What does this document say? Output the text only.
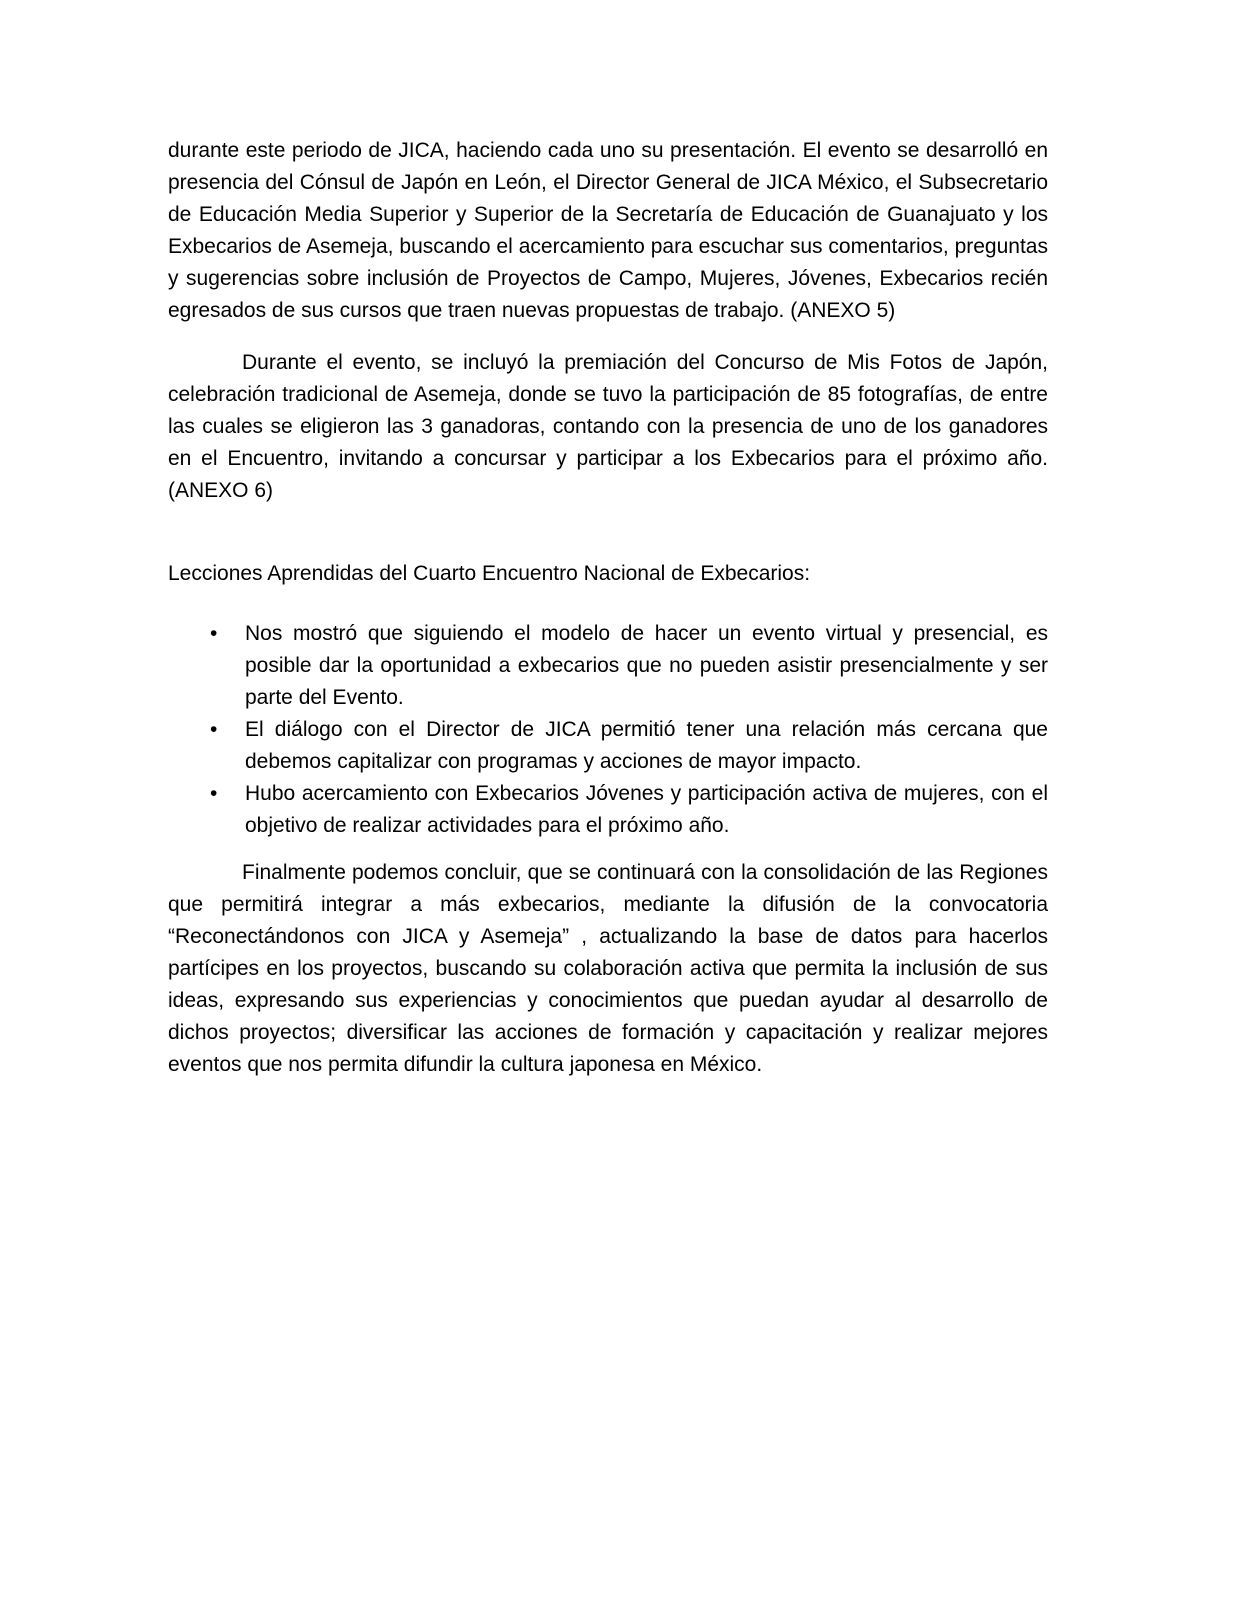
durante este periodo de JICA, haciendo cada uno su presentación. El evento se desarrolló en presencia del Cónsul de Japón en León, el Director General de JICA México, el Subsecretario de Educación Media Superior y Superior de la Secretaría de Educación de Guanajuato y los Exbecarios de Asemeja, buscando el acercamiento para escuchar sus comentarios, preguntas y sugerencias sobre inclusión de Proyectos de Campo, Mujeres, Jóvenes, Exbecarios recién egresados de sus cursos que traen nuevas propuestas de trabajo. (ANEXO 5)

Durante el evento, se incluyó la premiación del Concurso de Mis Fotos de Japón, celebración tradicional de Asemeja, donde se tuvo la participación de 85 fotografías, de entre las cuales se eligieron las 3 ganadoras, contando con la presencia de uno de los ganadores en el Encuentro, invitando a concursar y participar a los Exbecarios para el próximo año. (ANEXO 6)

Lecciones Aprendidas del Cuarto Encuentro Nacional de Exbecarios:

• Nos mostró que siguiendo el modelo de hacer un evento virtual y presencial, es posible dar la oportunidad a exbecarios que no pueden asistir presencialmente y ser parte del Evento.
• El diálogo con el Director de JICA permitió tener una relación más cercana que debemos capitalizar con programas y acciones de mayor impacto.
• Hubo acercamiento con Exbecarios Jóvenes y participación activa de mujeres, con el objetivo de realizar actividades para el próximo año.

Finalmente podemos concluir, que se continuará con la consolidación de las Regiones que permitirá integrar a más exbecarios, mediante la difusión de la convocatoria “Reconectándonos con JICA y Asemeja” , actualizando la base de datos para hacerlos partícipes en los proyectos, buscando su colaboración activa que permita la inclusión de sus ideas, expresando sus experiencias y conocimientos que puedan ayudar al desarrollo de dichos proyectos; diversificar las acciones de formación y capacitación y realizar mejores eventos que nos permita difundir la cultura japonesa en México.
